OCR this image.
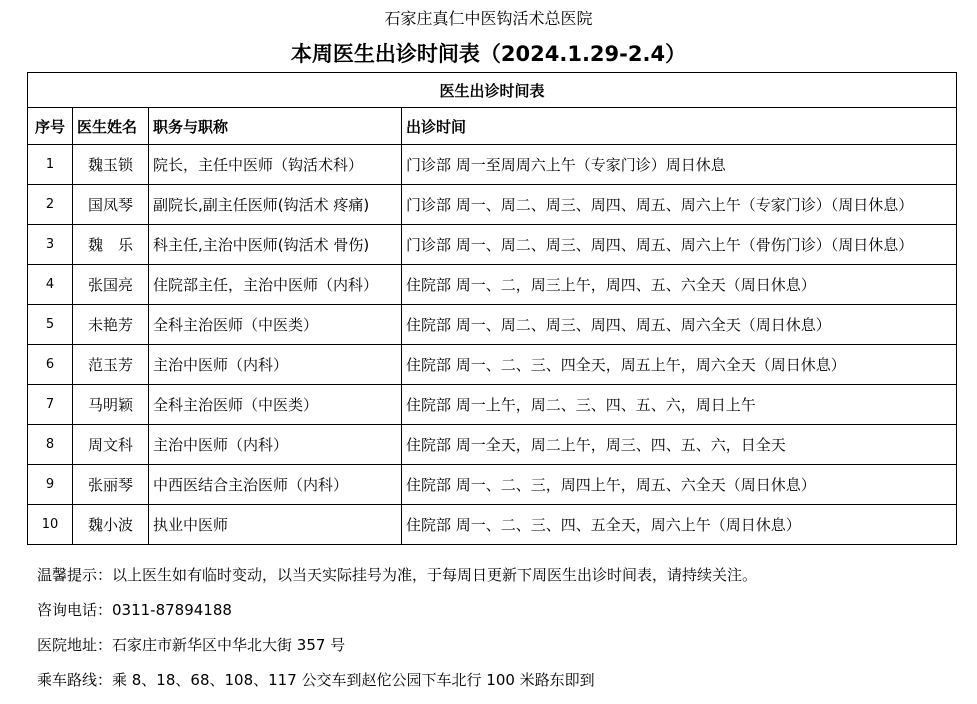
石家庄真仁中医钩活术总医院
本周医生出诊时间表（2024.1.29-2.4）
医生出诊时间表			
序号	医生姓名	职务与职称	出诊时间
1	魏玉锁	院长，主任中医师（钩活术科）	门诊部 周一至周周六上午（专家门诊）周日休息
2	国凤琴	副院长,副主任医师(钩活术 疼痛)	门诊部 周一、周二、周三、周四、周五、周六上午（专家门诊）（周日休息）
3	魏　乐	科主任,主治中医师(钩活术 骨伤)	门诊部 周一、周二、周三、周四、周五、周六上午（骨伤门诊）（周日休息）
4	张国亮	住院部主任，主治中医师（内科）	住院部 周一、二，周三上午，周四、五、六全天（周日休息）
5	未艳芳	全科主治医师（中医类）	住院部 周一、周二、周三、周四、周五、周六全天（周日休息）
6	范玉芳	主治中医师（内科）	住院部 周一、二、三、四全天，周五上午，周六全天（周日休息）
7	马明颖	全科主治医师（中医类）	住院部 周一上午，周二、三、四、五、六，周日上午
8	周文科	主治中医师（内科）	住院部 周一全天，周二上午，周三、四、五、六，日全天
9	张丽琴	中西医结合主治医师（内科）	住院部 周一、二、三，周四上午，周五、六全天（周日休息）
10	魏小波	执业中医师	住院部 周一、二、三、四、五全天，周六上午（周日休息）
温馨提示：以上医生如有临时变动，以当天实际挂号为准，于每周日更新下周医生出诊时间表，请持续关注。
咨询电话：0311-87894188
医院地址：石家庄市新华区中华北大街 357 号
乘车路线：乘 8、18、68、108、117 公交车到赵佗公园下车北行 100 米路东即到
